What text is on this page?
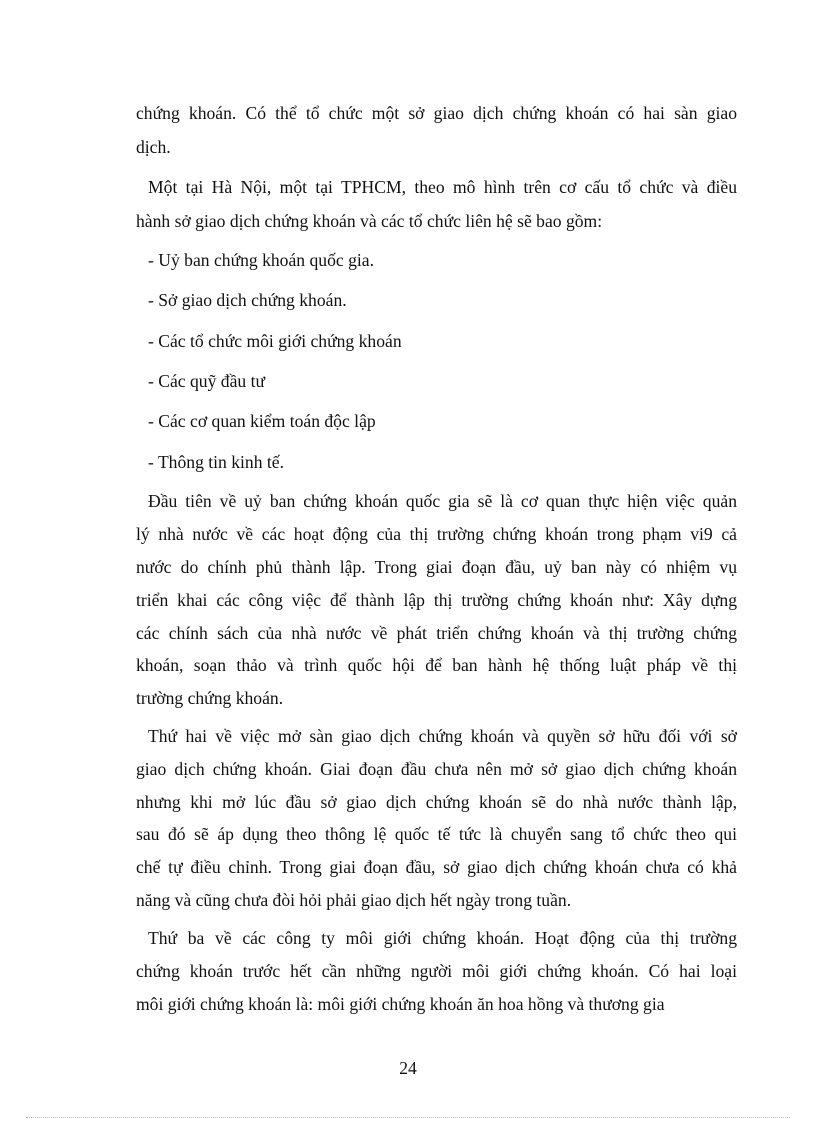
chứng khoán. Có thể tổ chức một sở giao dịch chứng khoán có hai sàn giao
dịch.
Một tại Hà Nội, một tại TPHCM, theo mô hình trên cơ cấu tổ chức và điều
hành sở giao dịch chứng khoán và các tổ chức liên hệ sẽ bao gồm:
- Uỷ ban chứng khoán quốc gia.
- Sở giao dịch chứng khoán.
- Các tổ chức môi giới chứng khoán
- Các quỹ đầu tư
- Các cơ quan kiểm toán độc lập
- Thông tin kinh tế.
Đầu tiên về uỷ ban chứng khoán quốc gia sẽ là cơ quan thực hiện việc quản
lý nhà nước về các hoạt động của thị trường chứng khoán trong phạm vi9 cả
nước do chính phủ thành lập. Trong giai đoạn đầu, uỷ ban này có nhiệm vụ
triển khai các công việc để thành lập thị trường chứng khoán như: Xây dựng
các chính sách của nhà nước về phát triển chứng khoán và thị trường chứng
khoán, soạn thảo và trình quốc hội để ban hành hệ thống luật pháp về thị
trường chứng khoán.
Thứ hai về việc mở sàn giao dịch chứng khoán và quyền sở hữu đối với sở
giao dịch chứng khoán. Giai đoạn đầu chưa nên mở sở giao dịch chứng khoán
nhưng khi mở lúc đầu sở giao dịch chứng khoán sẽ do nhà nước thành lập,
sau đó sẽ áp dụng theo thông lệ quốc tế tức là chuyển sang tổ chức theo qui
chế tự điều chỉnh. Trong giai đoạn đầu, sở giao dịch chứng khoán chưa có khả
năng và cũng chưa đòi hỏi phải giao dịch hết ngày trong tuần.
Thứ ba về các công ty môi giới chứng khoán. Hoạt động của thị trường
chứng khoán trước hết cần những người môi giới chứng khoán. Có hai loại
môi giới chứng khoán là: môi giới chứng khoán ăn hoa hồng và thương gia
24
